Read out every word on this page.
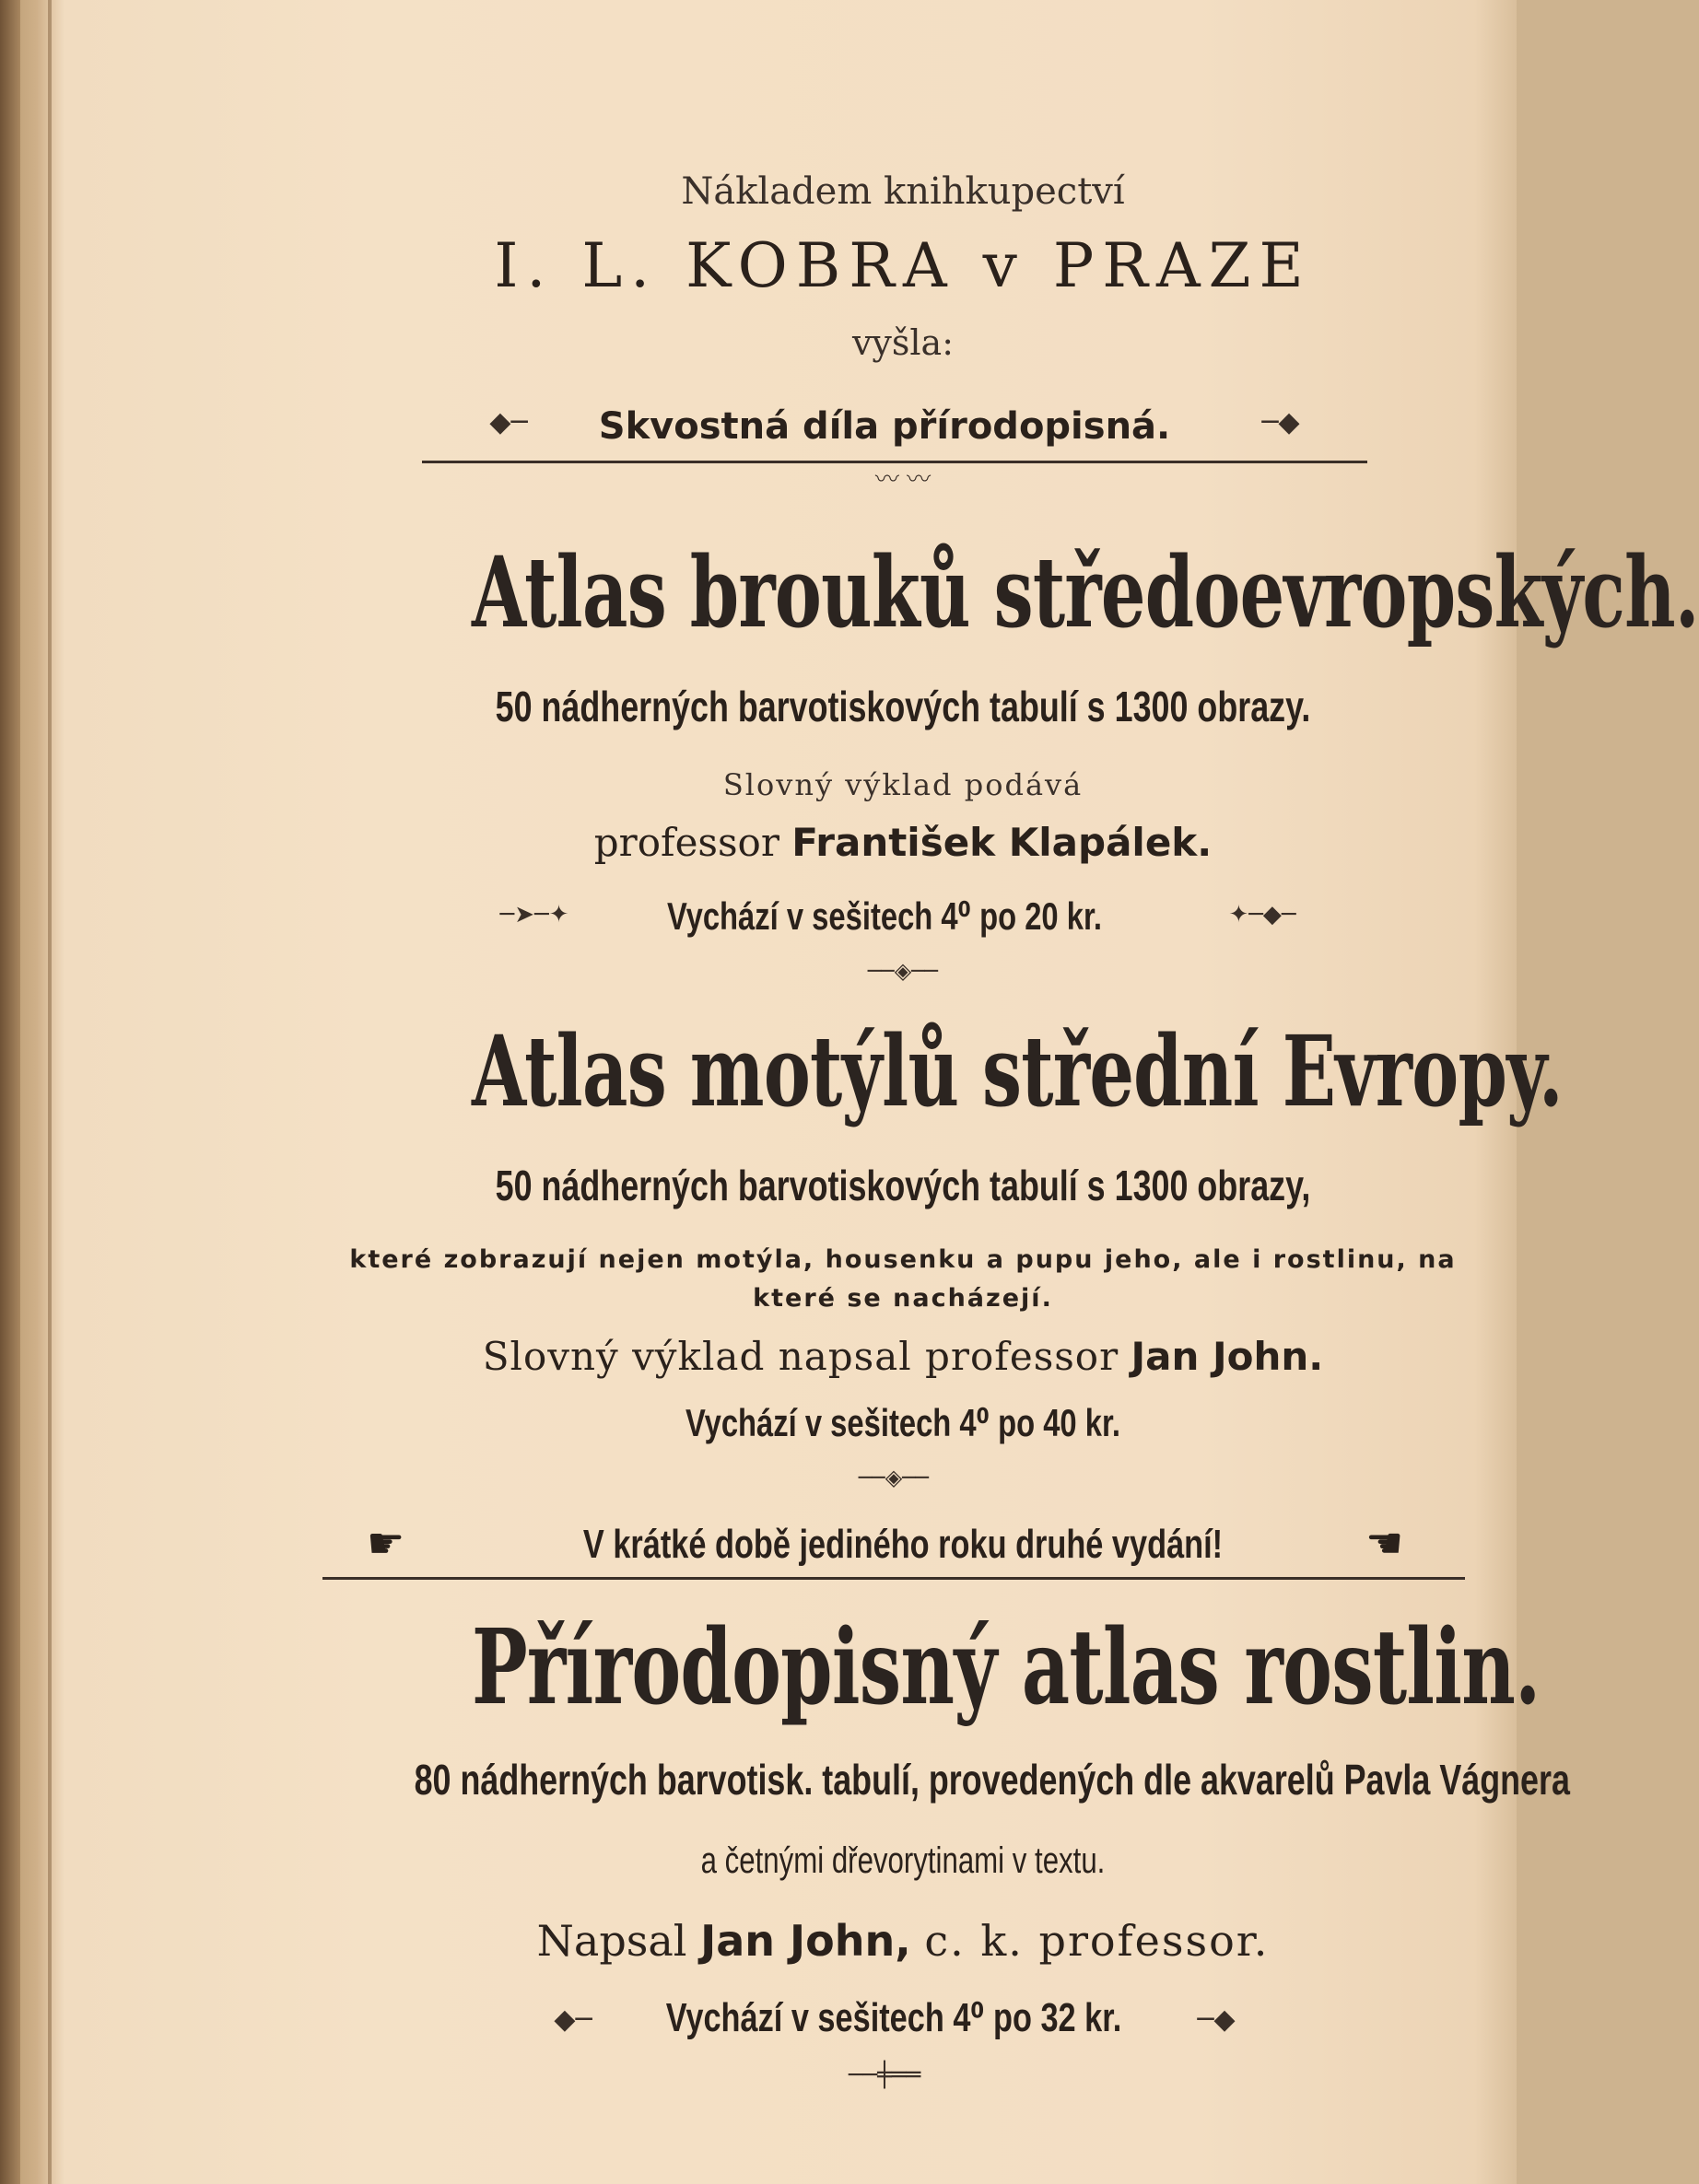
Nákladem knihkupectví
I. L. KOBRA v PRAZE
vyšla:
◆─	Skvostná díla přírodopisná.	─◆
〰 〰
Atlas brouků středoevropských.
50 nádherných barvotiskových tabulí s 1300 obrazy.
Slovný výklad podává
professor František Klapálek.
─➤─✦	Vychází v sešitech 4⁰ po 20 kr.	✦─◆─
──◈──
Atlas motýlů střední Evropy.
50 nádherných barvotiskových tabulí s 1300 obrazy,
které zobrazují nejen motýla, housenku a pupu jeho, ale i rostlinu, na
které se nacházejí.
Slovný výklad napsal professor Jan John.
Vychází v sešitech 4⁰ po 40 kr.
──◈──
☛	V krátké době jediného roku druhé vydání!	☚
Přírodopisný atlas rostlin.
80 nádherných barvotisk. tabulí, provedených dle akvarelů Pavla Vágnera
a četnými dřevorytinami v textu.
Napsal Jan John, c. k. professor.
◆─ Vychází v sešitech 4⁰ po 32 kr.	─◆
──╪══
